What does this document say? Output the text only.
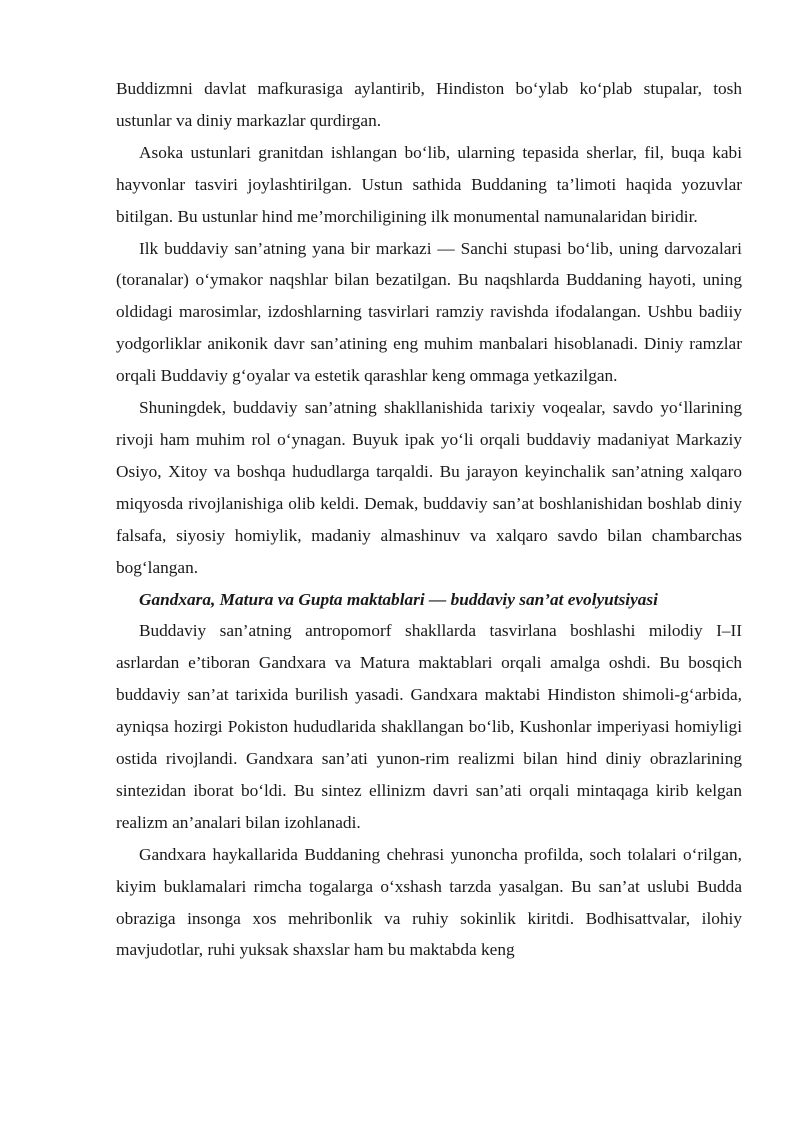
Buddizmni davlat mafkurasiga aylantirib, Hindiston bo‘ylab ko‘plab stupalar, tosh ustunlar va diniy markazlar qurdirgan.

Asoka ustunlari granitdan ishlangan bo‘lib, ularning tepasida sherlar, fil, buqa kabi hayvonlar tasviri joylashtirilgan. Ustun sathida Buddaning ta’limoti haqida yozuvlar bitilgan. Bu ustunlar hind me’morchiligining ilk monumental namunalaridan biridir.

Ilk buddaviy san’atning yana bir markazi — Sanchi stupasi bo‘lib, uning darvozalari (toranalar) o‘ymakor naqshlar bilan bezatilgan. Bu naqshlarda Buddaning hayoti, uning oldidagi marosimlar, izdoshlarning tasvirlari ramziy ravishda ifodalangan. Ushbu badiiy yodgorliklar anikonik davr san’atining eng muhim manbalari hisoblanadi. Diniy ramzlar orqali Buddaviy g‘oyalar va estetik qarashlar keng ommaga yetkazilgan.

Shuningdek, buddaviy san’atning shakllanishida tarixiy voqealar, savdo yo‘llarining rivoji ham muhim rol o‘ynagan. Buyuk ipak yo‘li orqali buddaviy madaniyat Markaziy Osiyo, Xitoy va boshqa hududlarga tarqaldi. Bu jarayon keyinchalik san’atning xalqaro miqyosda rivojlanishiga olib keldi. Demak, buddaviy san’at boshlanishidan boshlab diniy falsafa, siyosiy homiylik, madaniy almashinuv va xalqaro savdo bilan chambarchas bog‘langan.

Gandxara, Matura va Gupta maktablari — buddaviy san’at evolyutsiyasi

Buddaviy san’atning antropomorf shakllarda tasvirlana boshlashi milodiy I–II asrlardan e’tiboran Gandxara va Matura maktablari orqali amalga oshdi. Bu bosqich buddaviy san’at tarixida burilish yasadi. Gandxara maktabi Hindiston shimoli-g‘arbida, ayniqsa hozirgi Pokiston hududlarida shakllangan bo‘lib, Kushonlar imperiyasi homiyligi ostida rivojlandi. Gandxara san’ati yunon-rim realizmi bilan hind diniy obrazlarining sintezidan iborat bo‘ldi. Bu sintez ellinizm davri san’ati orqali mintaqaga kirib kelgan realizm an’analari bilan izohlanadi.

Gandxara haykallarida Buddaning chehrasi yunoncha profilda, soch tolalari o‘rilgan, kiyim buklamalari rimcha togalarga o‘xshash tarzda yasalgan. Bu san’at uslubi Budda obraziga insonga xos mehribonlik va ruhiy sokinlik kiritdi. Bodhisattvalar, ilohiy mavjudotlar, ruhi yuksak shaxslar ham bu maktabda keng
